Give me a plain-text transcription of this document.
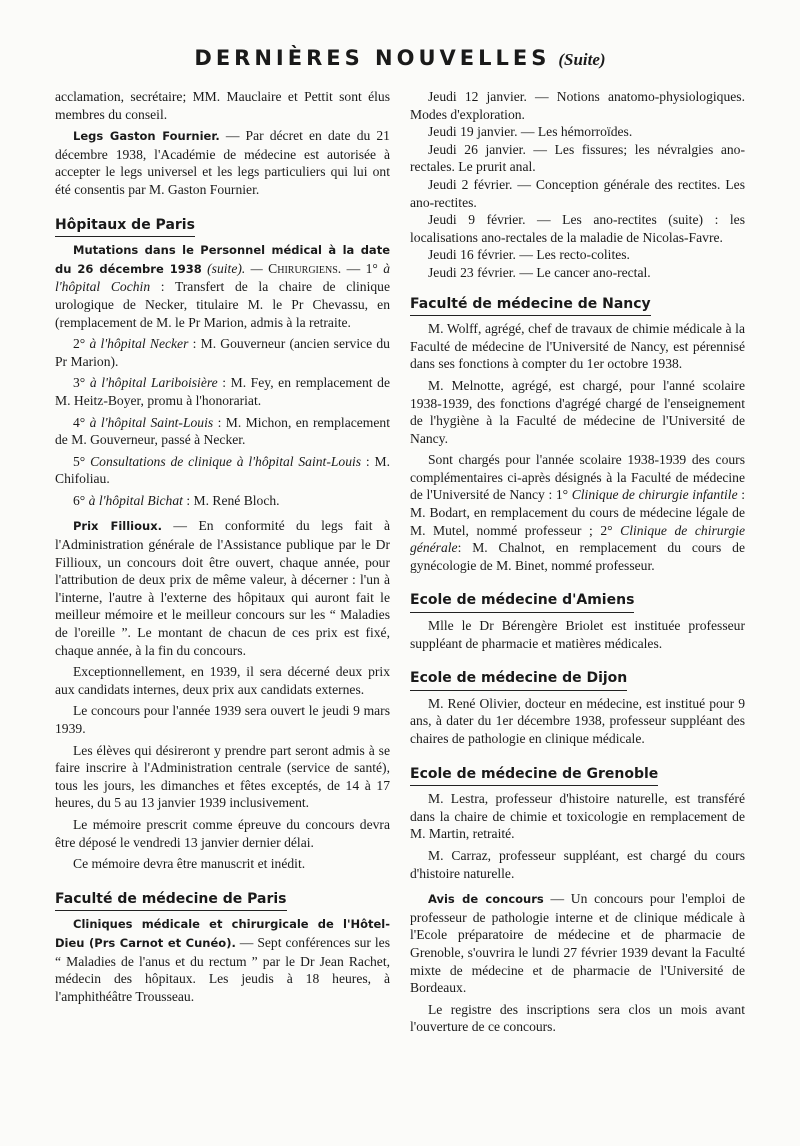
DERNIÈRES NOUVELLES (Suite)

acclamation, secrétaire; MM. Mauclaire et Pettit sont élus membres du conseil.

Legs Gaston Fournier. — Par décret en date du 21 décembre 1938, l'Académie de médecine est autorisée à accepter le legs universel et les legs particuliers qui lui ont été consentis par M. Gaston Fournier.

Hôpitaux de Paris

Mutations dans le Personnel médical à la date du 26 décembre 1938 (suite). — Chirurgiens. — 1° à l'hôpital Cochin : Transfert de la chaire de clinique urologique de Necker, titulaire M. le Pr Chevassu, en (remplacement de M. le Pr Marion, admis à la retraite.

2° à l'hôpital Necker : M. Gouverneur (ancien service du Pr Marion).

3° à l'hôpital Lariboisière : M. Fey, en remplacement de M. Heitz-Boyer, promu à l'honorariat.

4° à l'hôpital Saint-Louis : M. Michon, en remplacement de M. Gouverneur, passé à Necker.

5° Consultations de clinique à l'hôpital Saint-Louis : M. Chifoliau.

6° à l'hôpital Bichat : M. René Bloch.

Prix Fillioux. — En conformité du legs fait à l'Administration générale de l'Assistance publique par le Dr Fillioux, un concours doit être ouvert, chaque année, pour l'attribution de deux prix de même valeur, à décerner : l'un à l'interne, l'autre à l'externe des hôpitaux qui auront fait le meilleur mémoire et le meilleur concours sur les “ Maladies de l'oreille ”. Le montant de chacun de ces prix est fixé, chaque année, à la fin du concours.

Exceptionnellement, en 1939, il sera décerné deux prix aux candidats internes, deux prix aux candidats externes.

Le concours pour l'année 1939 sera ouvert le jeudi 9 mars 1939.

Les élèves qui désireront y prendre part seront admis à se faire inscrire à l'Administration centrale (service de santé), tous les jours, les dimanches et fêtes exceptés, de 14 à 17 heures, du 5 au 13 janvier 1939 inclusivement.

Le mémoire prescrit comme épreuve du concours devra être déposé le vendredi 13 janvier dernier délai.

Ce mémoire devra être manuscrit et inédit.

Faculté de médecine de Paris

Cliniques médicale et chirurgicale de l'Hôtel-Dieu (Prs Carnot et Cunéo). — Sept conférences sur les “ Maladies de l'anus et du rectum ” par le Dr Jean Rachet, médecin des hôpitaux. Les jeudis à 18 heures, à l'amphithéâtre Trousseau.

Jeudi 12 janvier. — Notions anatomo-physiologiques. Modes d'exploration.

Jeudi 19 janvier. — Les hémorroïdes.

Jeudi 26 janvier. — Les fissures; les névralgies ano-rectales. Le prurit anal.

Jeudi 2 février. — Conception générale des rectites. Les ano-rectites.

Jeudi 9 février. — Les ano-rectites (suite) : les localisations ano-rectales de la maladie de Nicolas-Favre.

Jeudi 16 février. — Les recto-colites.

Jeudi 23 février. — Le cancer ano-rectal.

Faculté de médecine de Nancy

M. Wolff, agrégé, chef de travaux de chimie médicale à la Faculté de médecine de l'Université de Nancy, est pérennisé dans ses fonctions à compter du 1er octobre 1938.

M. Melnotte, agrégé, est chargé, pour l'anné scolaire 1938-1939, des fonctions d'agrégé chargé de l'enseignement de l'hygiène à la Faculté de médecine de l'Université de Nancy.

Sont chargés pour l'année scolaire 1938-1939 des cours complémentaires ci-après désignés à la Faculté de médecine de l'Université de Nancy : 1° Clinique de chirurgie infantile : M. Bodart, en remplacement du cours de médecine légale de M. Mutel, nommé professeur ; 2° Clinique de chirurgie générale: M. Chalnot, en remplacement du cours de gynécologie de M. Binet, nommé professeur.

Ecole de médecine d'Amiens

Mlle le Dr Bérengère Briolet est instituée professeur suppléant de pharmacie et matières médicales.

Ecole de médecine de Dijon

M. René Olivier, docteur en médecine, est institué pour 9 ans, à dater du 1er décembre 1938, professeur suppléant des chaires de pathologie en clinique médicale.

Ecole de médecine de Grenoble

M. Lestra, professeur d'histoire naturelle, est transféré dans la chaire de chimie et toxicologie en remplacement de M. Martin, retraité.

M. Carraz, professeur suppléant, est chargé du cours d'histoire naturelle.

Avis de concours — Un concours pour l'emploi de professeur de pathologie interne et de clinique médicale à l'Ecole préparatoire de médecine et de pharmacie de Grenoble, s'ouvrira le lundi 27 février 1939 devant la Faculté mixte de médecine et de pharmacie de l'Université de Bordeaux.

Le registre des inscriptions sera clos un mois avant l'ouverture de ce concours.
